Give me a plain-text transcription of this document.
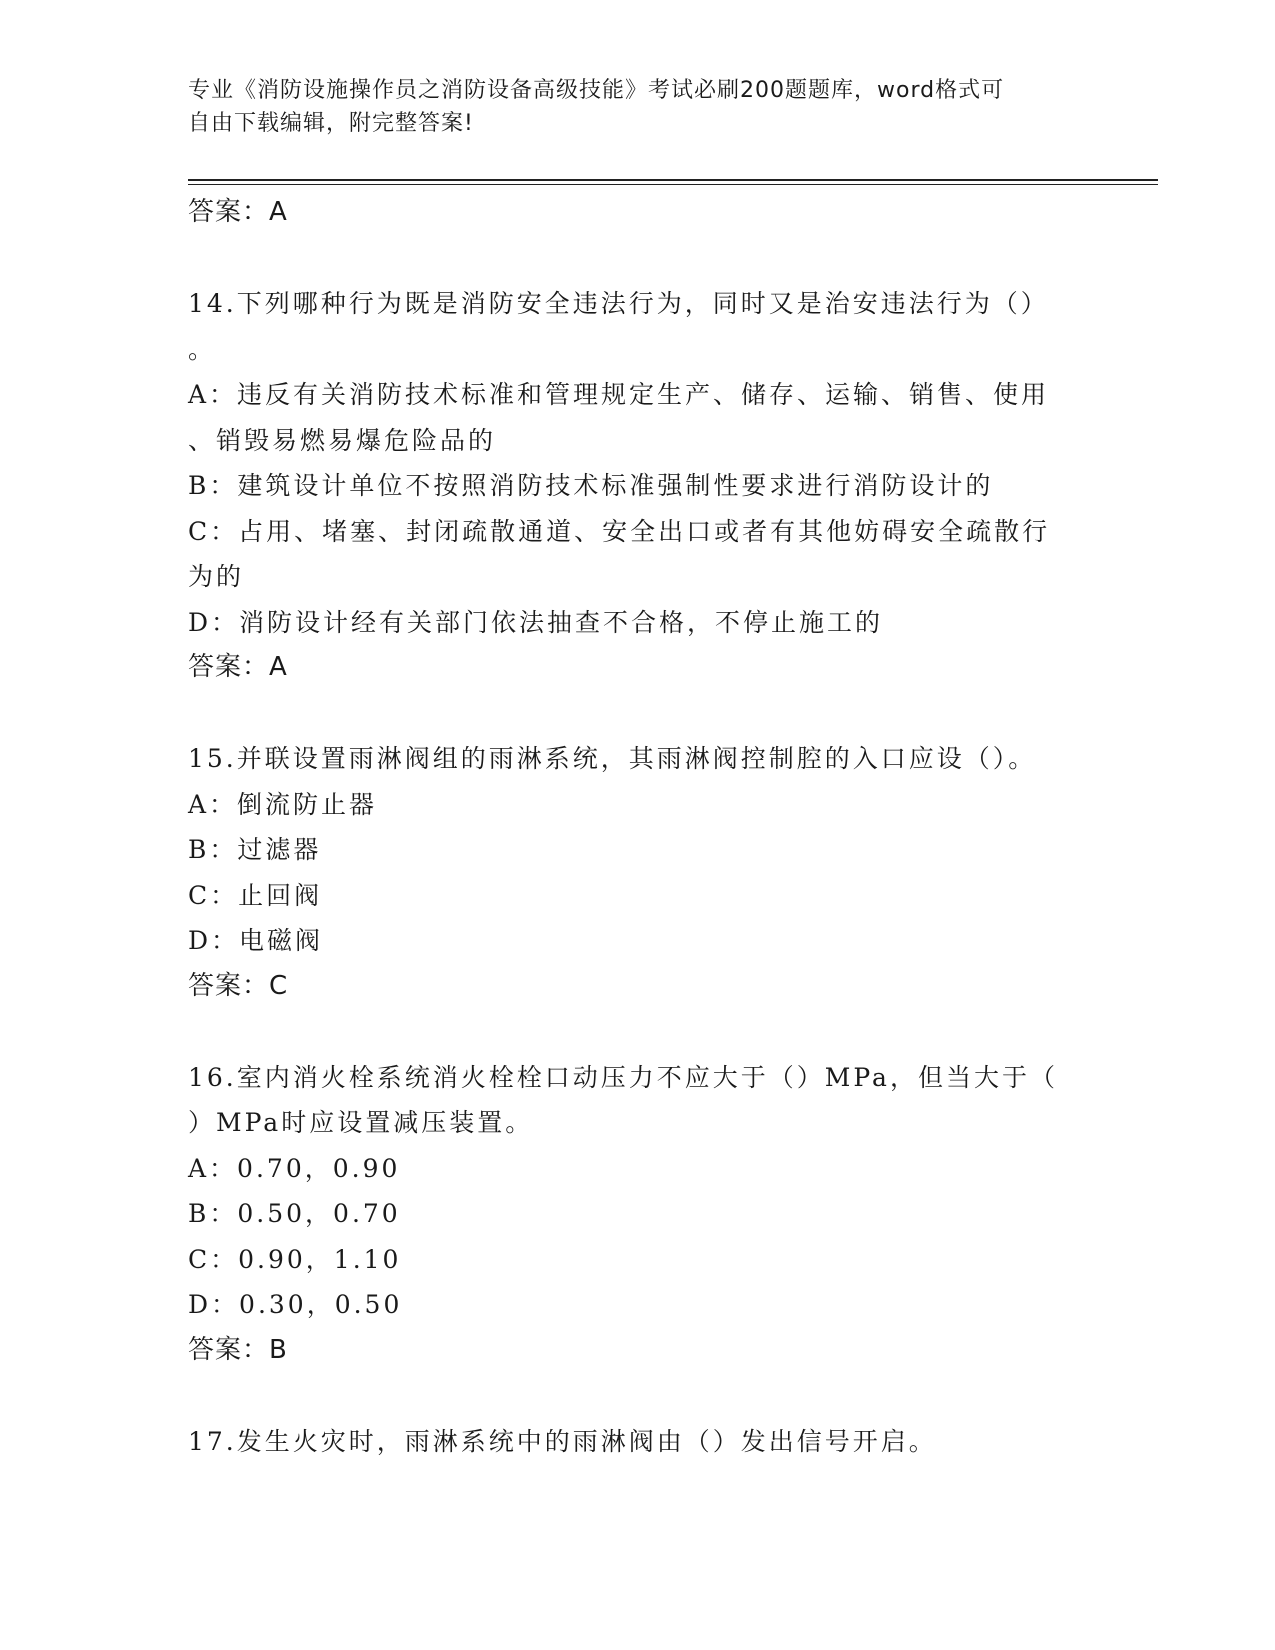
专业《消防设施操作员之消防设备高级技能》考试必刷200题题库，word格式可
自由下载编辑，附完整答案!
答案：A
14.下列哪种行为既是消防安全违法行为，同时又是治安违法行为（）
。
A：违反有关消防技术标准和管理规定生产、储存、运输、销售、使用
、销毁易燃易爆危险品的
B：建筑设计单位不按照消防技术标准强制性要求进行消防设计的
C：占用、堵塞、封闭疏散通道、安全出口或者有其他妨碍安全疏散行
为的
D：消防设计经有关部门依法抽查不合格，不停止施工的
答案：A
15.并联设置雨淋阀组的雨淋系统，其雨淋阀控制腔的入口应设（）。
A：倒流防止器
B：过滤器
C：止回阀
D：电磁阀
答案：C
16.室内消火栓系统消火栓栓口动压力不应大于（）MPa，但当大于（
）MPa时应设置减压装置。
A：0.70，0.90
B：0.50，0.70
C：0.90，1.10
D：0.30，0.50
答案：B
17.发生火灾时，雨淋系统中的雨淋阀由（）发出信号开启。
